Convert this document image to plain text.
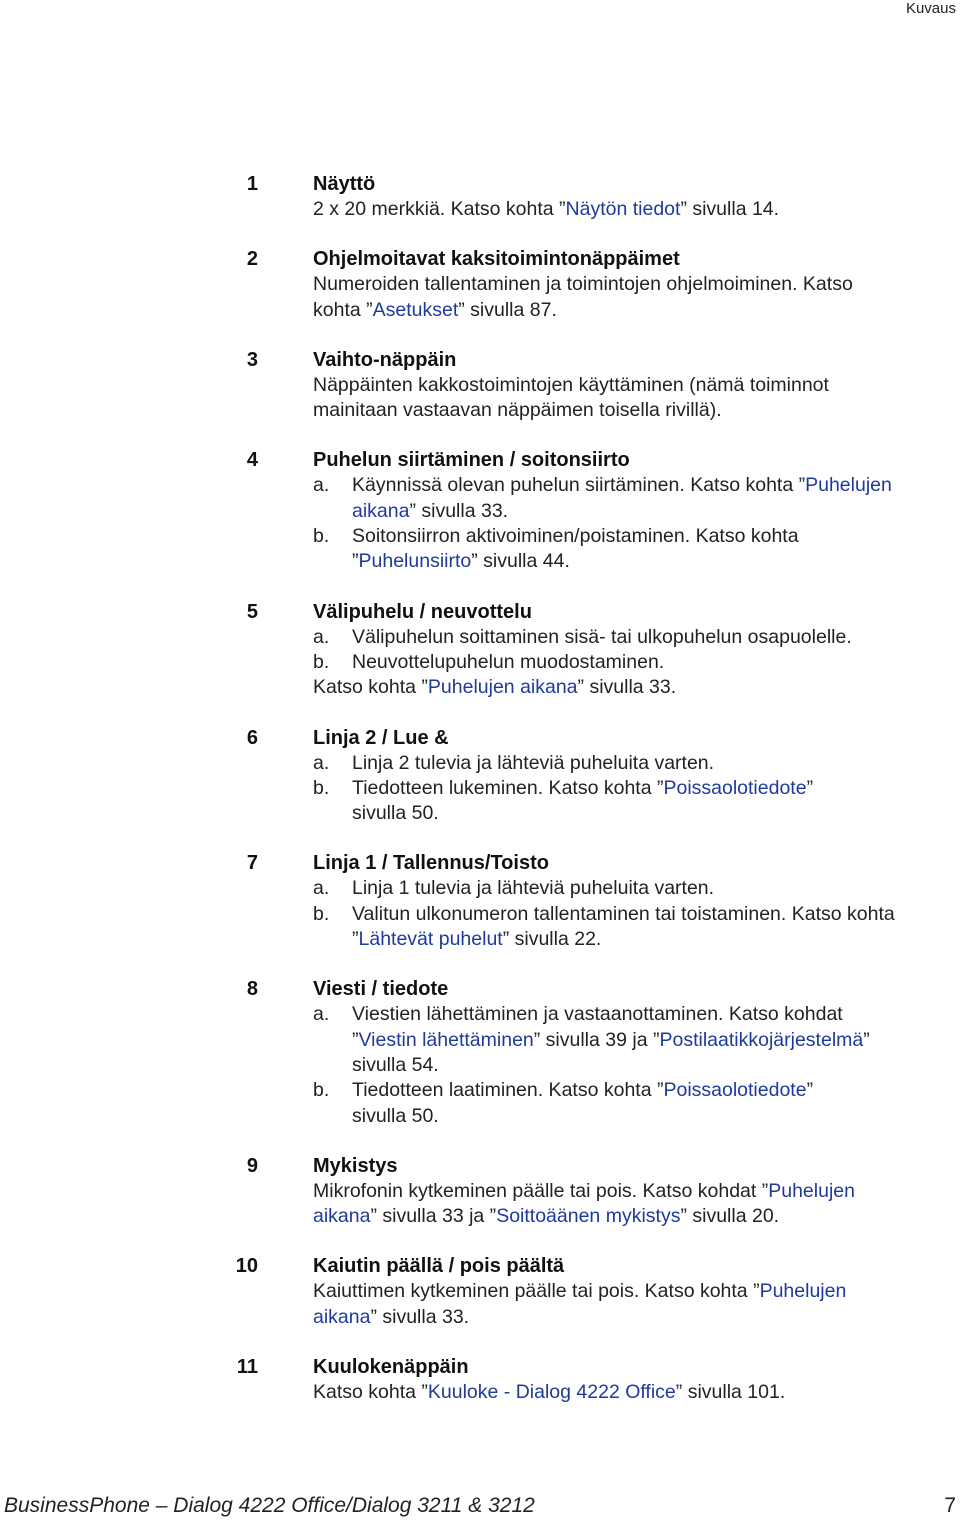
Kuvaus
1	Näyttö
2 x 20 merkkiä. Katso kohta ”Näytön tiedot” sivulla 14.
2	Ohjelmoitavat kaksitoimintonäppäimet
Numeroiden tallentaminen ja toimintojen ohjelmoiminen. Katso
kohta ”Asetukset” sivulla 87.
3	Vaihto-näppäin
Näppäinten kakkostoimintojen käyttäminen (nämä toiminnot
mainitaan vastaavan näppäimen toisella rivillä).
4	Puhelun siirtäminen / soitonsiirto
a. Käynnissä olevan puhelun siirtäminen. Katso kohta ”Puhelujen
aikana” sivulla 33.
b. Soitonsiirron aktivoiminen/poistaminen. Katso kohta
”Puhelunsiirto” sivulla 44.
5	Välipuhelu / neuvottelu
a. Välipuhelun soittaminen sisä- tai ulkopuhelun osapuolelle.
b. Neuvottelupuhelun muodostaminen.
Katso kohta ”Puhelujen aikana” sivulla 33.
6	Linja 2 / Lue &
a. Linja 2 tulevia ja lähteviä puheluita varten.
b. Tiedotteen lukeminen. Katso kohta ”Poissaolotiedote”
sivulla 50.
7	Linja 1 / Tallennus/Toisto
a. Linja 1 tulevia ja lähteviä puheluita varten.
b. Valitun ulkonumeron tallentaminen tai toistaminen. Katso kohta
”Lähtevät puhelut” sivulla 22.
8	Viesti / tiedote
a. Viestien lähettäminen ja vastaanottaminen. Katso kohdat
”Viestin lähettäminen” sivulla 39 ja ”Postilaatikkojärjestelmä”
sivulla 54.
b. Tiedotteen laatiminen. Katso kohta ”Poissaolotiedote”
sivulla 50.
9	Mykistys
Mikrofonin kytkeminen päälle tai pois. Katso kohdat ”Puhelujen
aikana” sivulla 33 ja ”Soittoäänen mykistys” sivulla 20.
10	Kaiutin päällä / pois päältä
Kaiuttimen kytkeminen päälle tai pois. Katso kohta ”Puhelujen
aikana” sivulla 33.
11	Kuulokenäppäin
Katso kohta ”Kuuloke - Dialog 4222 Office” sivulla 101.
BusinessPhone – Dialog 4222 Office/Dialog 3211 & 3212	7
